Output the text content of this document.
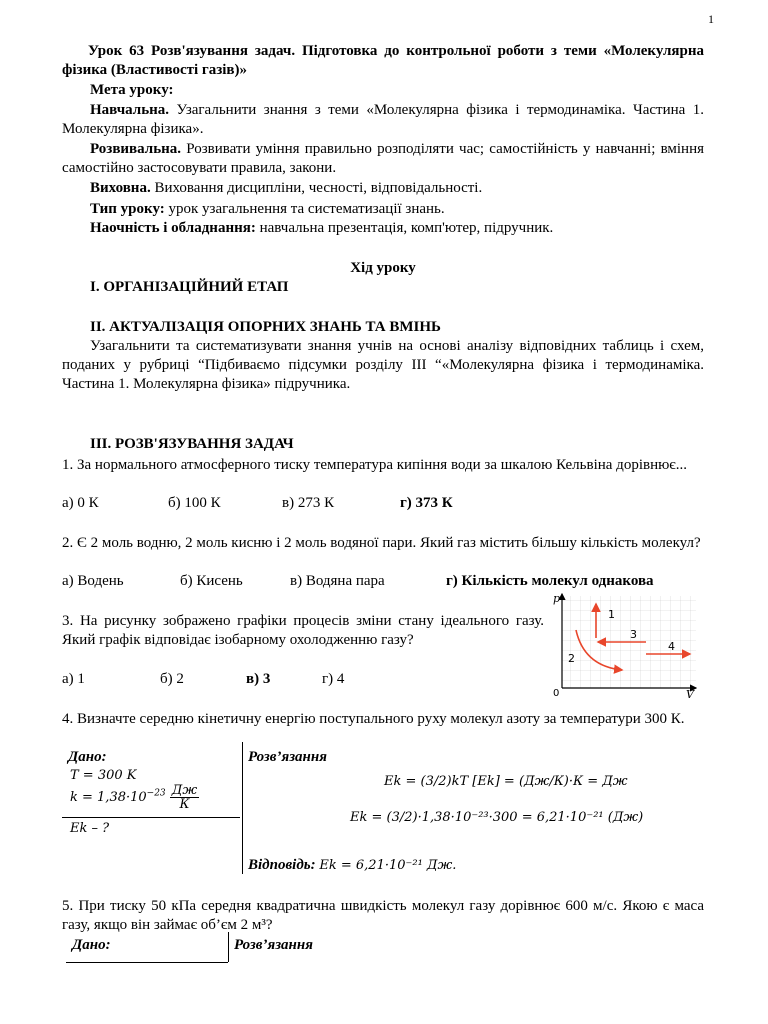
1
Урок 63 Розв'язування задач. Підготовка до контрольної роботи з теми «Молекулярна фізика (Властивості газів)»
Мета уроку:
Навчальна. Узагальнити знання з теми «Молекулярна фізика і термодинаміка. Частина 1. Молекулярна фізика».
Розвивальна. Розвивати уміння правильно розподіляти час; самостійність у навчанні; вміння самостійно застосовувати правила, закони.
Виховна. Виховання дисципліни, чесності, відповідальності.
Тип уроку: урок узагальнення та систематизації знань.
Наочність і обладнання: навчальна презентація, комп'ютер, підручник.
Хід уроку
I. ОРГАНІЗАЦІЙНИЙ ЕТАП
II. АКТУАЛІЗАЦІЯ ОПОРНИХ ЗНАНЬ ТА ВМІНЬ
Узагальнити та систематизувати знання учнів на основі аналізу відповідних таблиць і схем, поданих у рубриці “Підбиваємо підсумки розділу ІІІ “«Молекулярна фізика і термодинаміка. Частина 1. Молекулярна фізика» підручника.
III. РОЗВ'ЯЗУВАННЯ ЗАДАЧ
1. За нормального атмосферного тиску температура кипіння води за шкалою Кельвіна дорівнює...
а) 0 К	б) 100 К	в) 273 К	г) 373 К
2. Є 2 моль водню, 2 моль кисню і 2 моль водяної пари. Який газ містить більшу кількість молекул?
а) Водень	б) Кисень	в) Водяна пара	г) Кількість молекул однакова
3. На рисунку зображено графіки процесів зміни стану ідеального газу. Який графік відповідає ізобарному охолодженню газу?
а) 1	б) 2	в) 3	г) 4
p
V
0
1
3
2
4
4. Визначте середню кінетичну енергію поступального руху молекул азоту за температури 300 К.
Дано:
T = 300 K
$k = 1,38\cdot 10^{-23}$ Дж
К
Ek – ?
Розв’язання
Ek = (3/2)kT [Ek] = (Дж/К)·К = Дж
Ek = (3/2)·1,38·10⁻²³·300 = 6,21·10⁻²¹ (Дж)
Відповідь: Ek = 6,21·10⁻²¹ Дж.
5. При тиску 50 кПа середня квадратична швидкість молекул газу дорівнює 600 м/с. Якою є маса газу, якщо він займає об’єм 2 м³?
Дано:	Розв’язання
